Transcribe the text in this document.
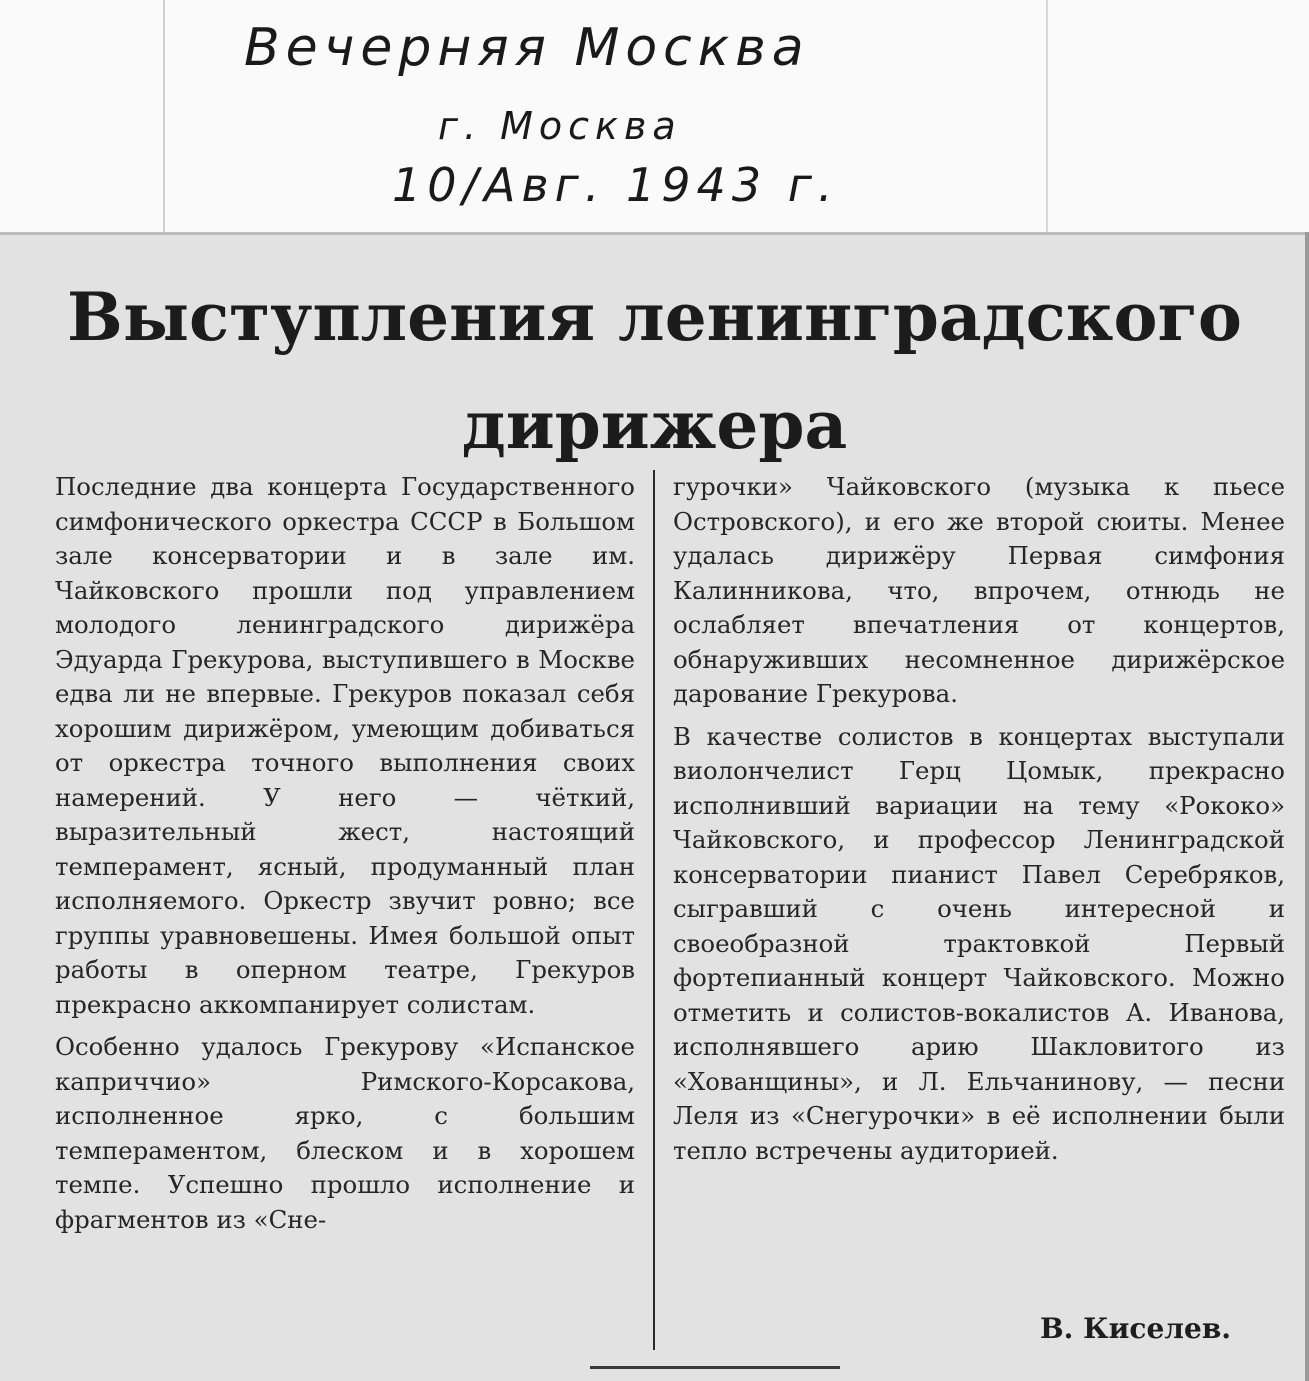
Вечерняя Москва
г. Москва
10/Авг. 1943 г.
Выступления ленинградского
дирижера

Последние два концерта Государственного симфонического оркестра СССР в Большом зале консерватории и в зале им. Чайковского прошли под управлением молодого ленинградского дирижёра Эдуарда Грекурова, выступившего в Москве едва ли не впервые. Грекуров показал себя хорошим дирижёром, умеющим добиваться от оркестра точного выполнения своих намерений. У него — чёткий, выразительный жест, настоящий темперамент, ясный, продуманный план исполняемого. Оркестр звучит ровно; все группы уравновешены. Имея большой опыт работы в оперном театре, Грекуров прекрасно аккомпанирует солистам.

Особенно удалось Грекурову «Испанское каприччио» Римского-Корсакова, исполненное ярко, с большим темпераментом, блеском и в хорошем темпе. Успешно прошло исполнение и фрагментов из «Сне-

гурочки» Чайковского (музыка к пьесе Островского), и его же второй сюиты. Менее удалась дирижёру Первая симфония Калинникова, что, впрочем, отнюдь не ослабляет впечатления от концертов, обнаруживших несомненное дирижёрское дарование Грекурова.

В качестве солистов в концертах выступали виолончелист Герц Цомык, прекрасно исполнивший вариации на тему «Рококо» Чайковского, и профессор Ленинградской консерватории пианист Павел Серебряков, сыгравший с очень интересной и своеобразной трактовкой Первый фортепианный концерт Чайковского. Можно отметить и солистов-вокалистов А. Иванова, исполнявшего арию Шакловитого из «Хованщины», и Л. Ельчанинову, — песни Леля из «Снегурочки» в её исполнении были тепло встречены аудиторией.

В. Киселев.
